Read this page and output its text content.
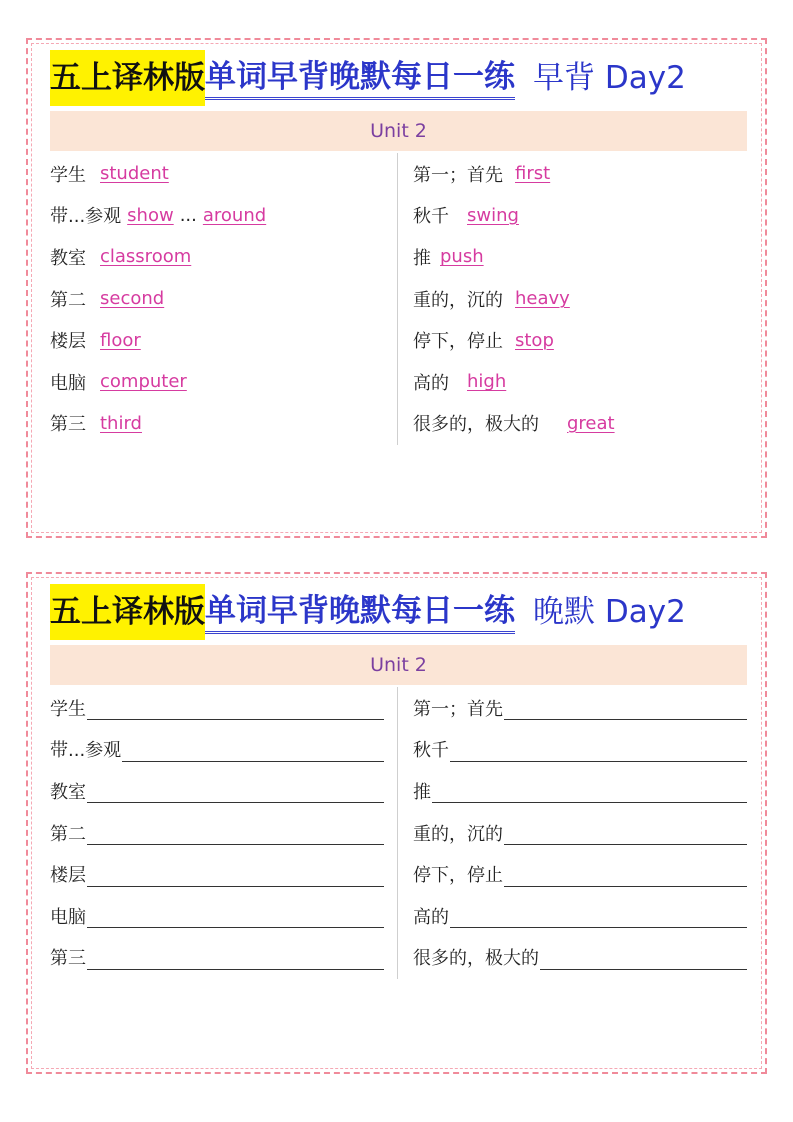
五上译林版 单词早背晚默每日一练 早背 Day2
Unit 2
学生 student
带...参观 show ... around
教室 classroom
第二 second
楼层 floor
电脑 computer
第三 third
第一；首先 first
秋千 swing
推 push
重的，沉的 heavy
停下，停止 stop
高的 high
很多的，极大的 great
五上译林版 单词早背晚默每日一练 晚默 Day2
Unit 2
学生
带...参观
教室
第二
楼层
电脑
第三
第一；首先
秋千
推
重的，沉的
停下，停止
高的
很多的，极大的
